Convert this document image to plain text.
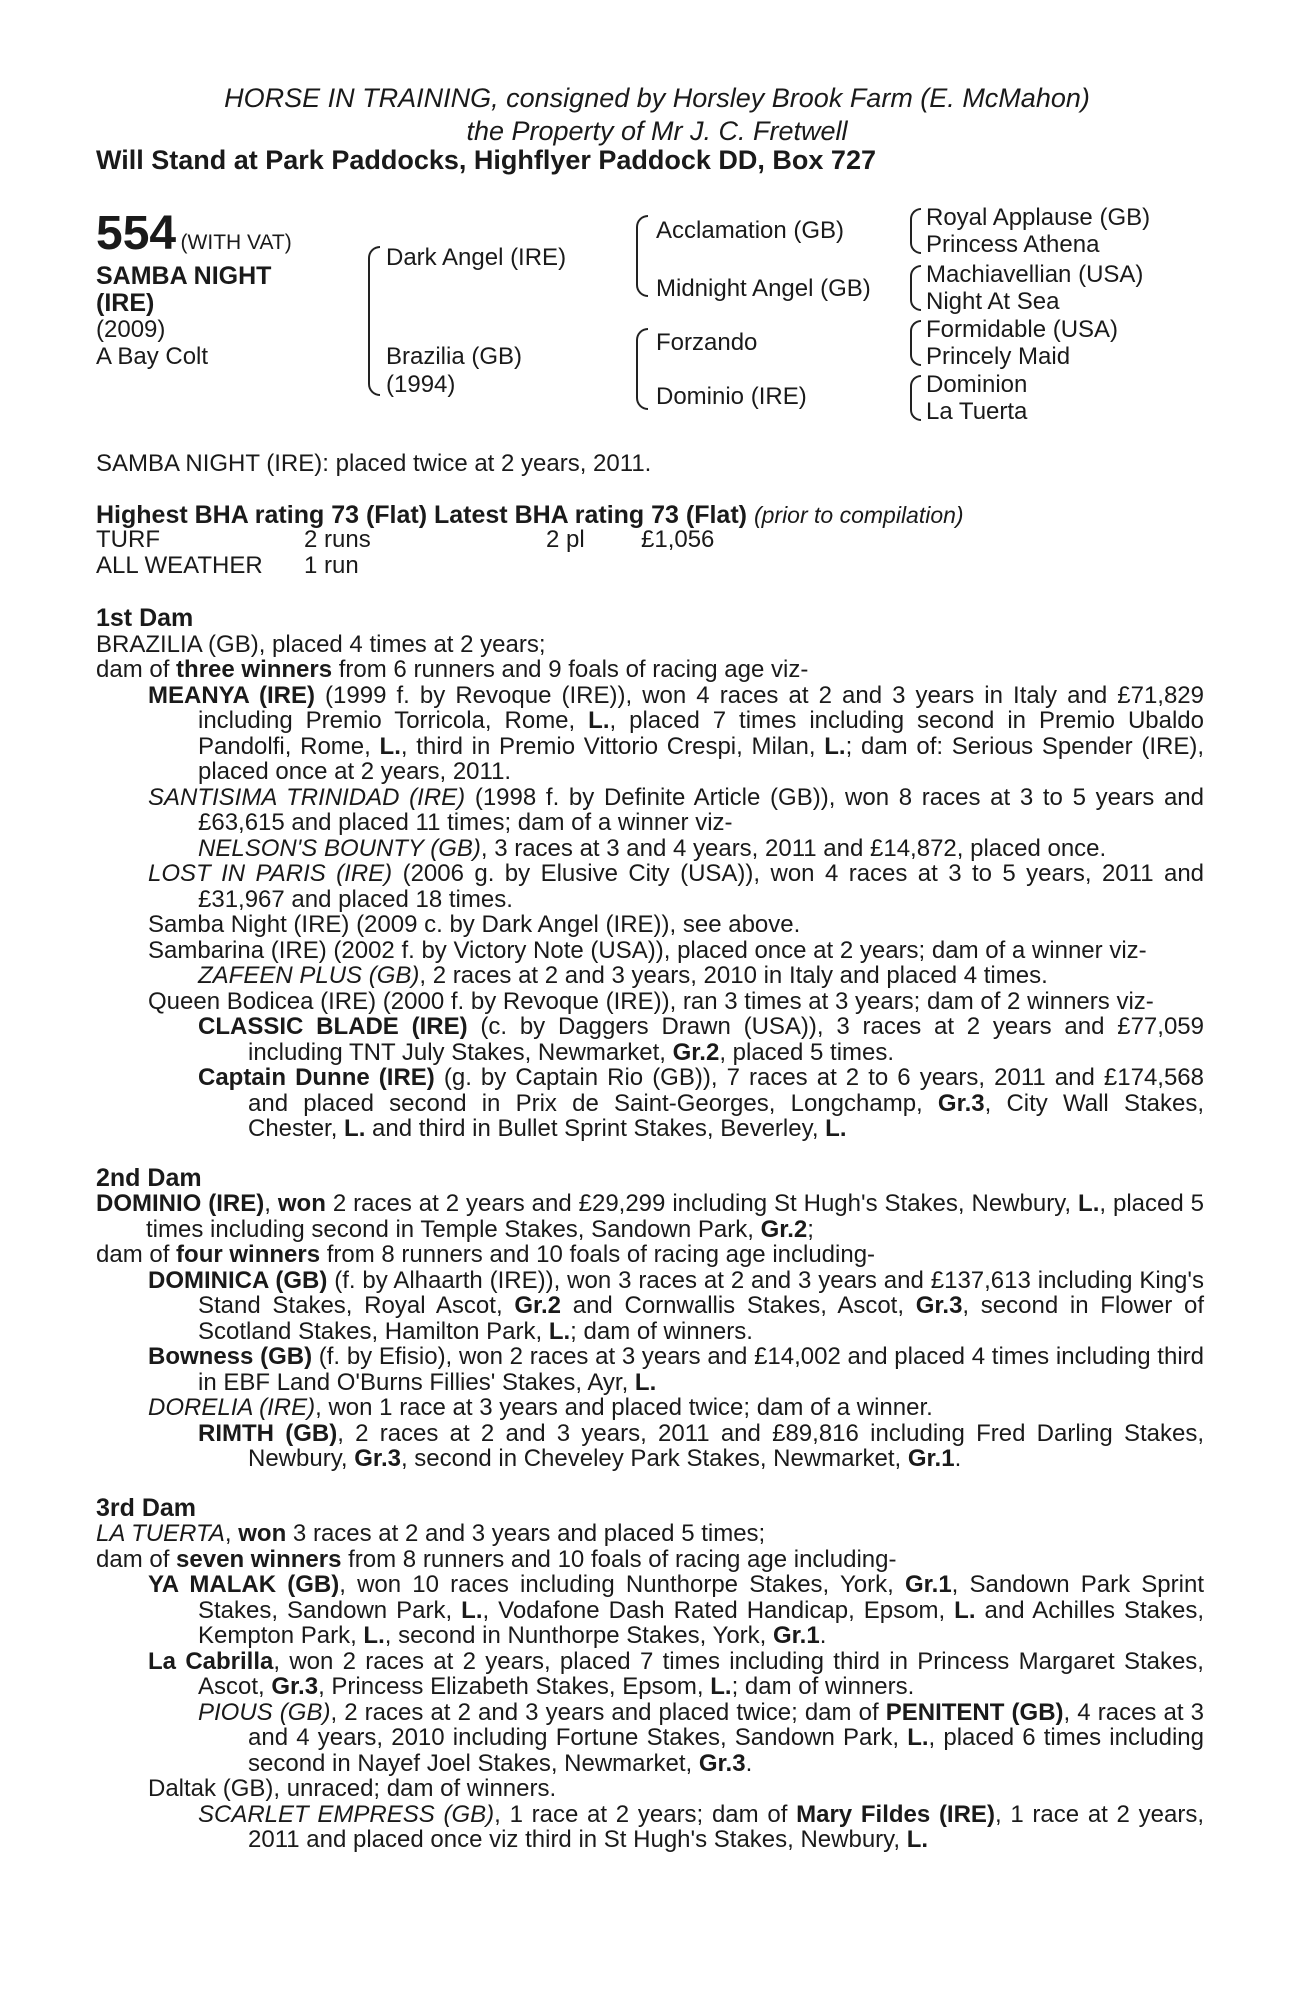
HORSE IN TRAINING, consigned by Horsley Brook Farm (E. McMahon)
the Property of Mr J. C. Fretwell
Will Stand at Park Paddocks, Highflyer Paddock DD, Box 727
554 (WITH VAT)
SAMBA NIGHT
(IRE)
(2009)
A Bay Colt
Dark Angel (IRE)
Brazilia (GB)
(1994)
Acclamation (GB)
Midnight Angel (GB)
Forzando
Dominio (IRE)
Royal Applause (GB)
Princess Athena
Machiavellian (USA)
Night At Sea
Formidable (USA)
Princely Maid
Dominion
La Tuerta
SAMBA NIGHT (IRE): placed twice at 2 years, 2011.
Highest BHA rating 73 (Flat) Latest BHA rating 73 (Flat) (prior to compilation)
TURF	2 runs	2 pl	£1,056
ALL WEATHER	1 run

1st Dam

BRAZILIA (GB), placed 4 times at 2 years;

dam of three winners from 6 runners and 9 foals of racing age viz-

MEANYA (IRE) (1999 f. by Revoque (IRE)), won 4 races at 2 and 3 years in Italy and £71,829 including Premio Torricola, Rome, L., placed 7 times including second in Premio Ubaldo Pandolfi, Rome, L., third in Premio Vittorio Crespi, Milan, L.; dam of: Serious Spender (IRE), placed once at 2 years, 2011.

SANTISIMA TRINIDAD (IRE) (1998 f. by Definite Article (GB)), won 8 races at 3 to 5 years and £63,615 and placed 11 times; dam of a winner viz-

NELSON'S BOUNTY (GB), 3 races at 3 and 4 years, 2011 and £14,872, placed once.

LOST IN PARIS (IRE) (2006 g. by Elusive City (USA)), won 4 races at 3 to 5 years, 2011 and £31,967 and placed 18 times.

Samba Night (IRE) (2009 c. by Dark Angel (IRE)), see above.

Sambarina (IRE) (2002 f. by Victory Note (USA)), placed once at 2 years; dam of a winner viz-

ZAFEEN PLUS (GB), 2 races at 2 and 3 years, 2010 in Italy and placed 4 times.

Queen Bodicea (IRE) (2000 f. by Revoque (IRE)), ran 3 times at 3 years; dam of 2 winners viz-

CLASSIC BLADE (IRE) (c. by Daggers Drawn (USA)), 3 races at 2 years and £77,059 including TNT July Stakes, Newmarket, Gr.2, placed 5 times.

Captain Dunne (IRE) (g. by Captain Rio (GB)), 7 races at 2 to 6 years, 2011 and £174,568 and placed second in Prix de Saint-Georges, Longchamp, Gr.3, City Wall Stakes, Chester, L. and third in Bullet Sprint Stakes, Beverley, L.

2nd Dam

DOMINIO (IRE), won 2 races at 2 years and £29,299 including St Hugh's Stakes, Newbury, L., placed 5 times including second in Temple Stakes, Sandown Park, Gr.2;

dam of four winners from 8 runners and 10 foals of racing age including-

DOMINICA (GB) (f. by Alhaarth (IRE)), won 3 races at 2 and 3 years and £137,613 including King's Stand Stakes, Royal Ascot, Gr.2 and Cornwallis Stakes, Ascot, Gr.3, second in Flower of Scotland Stakes, Hamilton Park, L.; dam of winners.

Bowness (GB) (f. by Efisio), won 2 races at 3 years and £14,002 and placed 4 times including third in EBF Land O'Burns Fillies' Stakes, Ayr, L.

DORELIA (IRE), won 1 race at 3 years and placed twice; dam of a winner.

RIMTH (GB), 2 races at 2 and 3 years, 2011 and £89,816 including Fred Darling Stakes, Newbury, Gr.3, second in Cheveley Park Stakes, Newmarket, Gr.1.

3rd Dam

LA TUERTA, won 3 races at 2 and 3 years and placed 5 times;

dam of seven winners from 8 runners and 10 foals of racing age including-

YA MALAK (GB), won 10 races including Nunthorpe Stakes, York, Gr.1, Sandown Park Sprint Stakes, Sandown Park, L., Vodafone Dash Rated Handicap, Epsom, L. and Achilles Stakes, Kempton Park, L., second in Nunthorpe Stakes, York, Gr.1.

La Cabrilla, won 2 races at 2 years, placed 7 times including third in Princess Margaret Stakes, Ascot, Gr.3, Princess Elizabeth Stakes, Epsom, L.; dam of winners.

PIOUS (GB), 2 races at 2 and 3 years and placed twice; dam of PENITENT (GB), 4 races at 3 and 4 years, 2010 including Fortune Stakes, Sandown Park, L., placed 6 times including second in Nayef Joel Stakes, Newmarket, Gr.3.

Daltak (GB), unraced; dam of winners.

SCARLET EMPRESS (GB), 1 race at 2 years; dam of Mary Fildes (IRE), 1 race at 2 years, 2011 and placed once viz third in St Hugh's Stakes, Newbury, L.
